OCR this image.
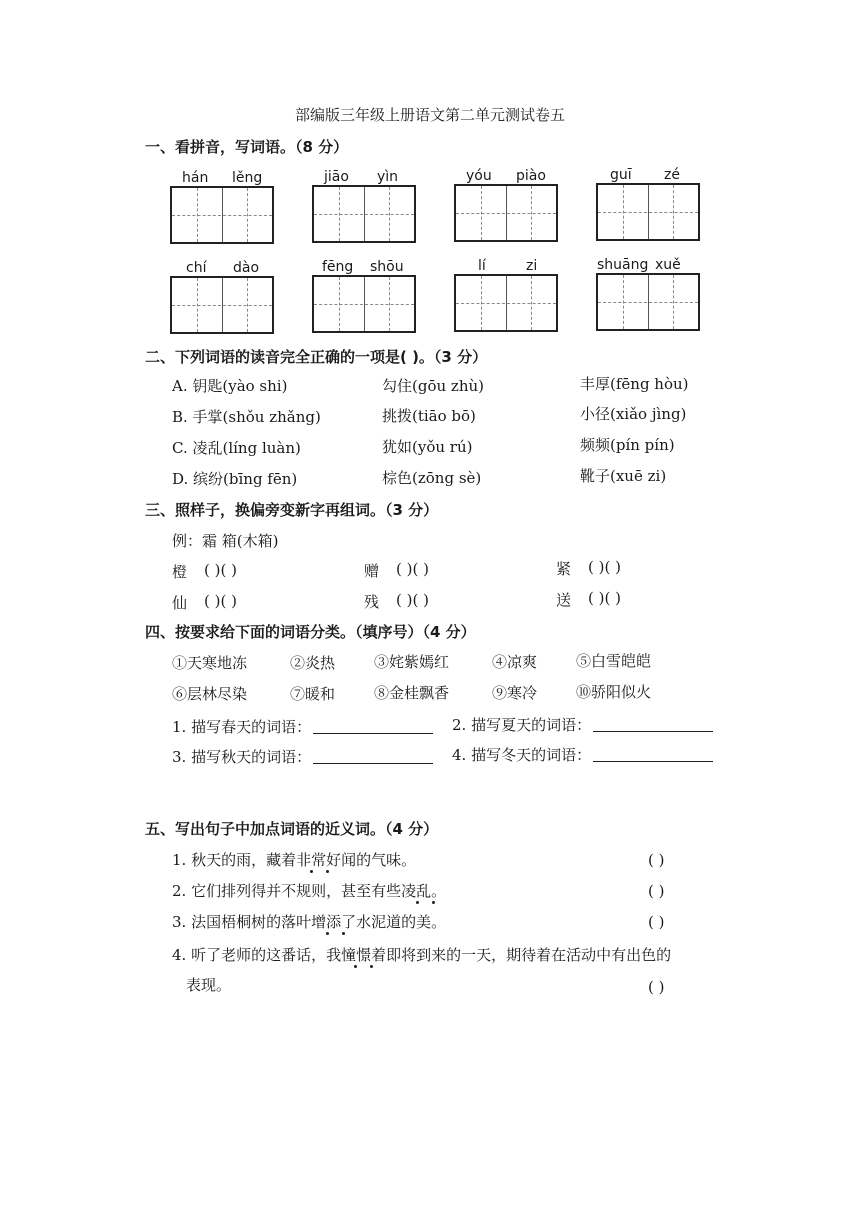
部编版三年级上册语文第二单元测试卷五
一、看拼音，写词语。（8 分）
hán lěng	jiāo yìn	yóu piào	guī zé
chí dào	fēng shōu	lí	zi	shuāng xuě
二、下列词语的读音完全正确的一项是( )。（3 分）
A. 钥匙(yào shi)	勾住(gōu zhù)	丰厚(fēng hòu)
B. 手掌(shǒu zhǎng)	挑拨(tiāo bō)	小径(xiǎo jìng)
C. 凌乱(líng luàn)	犹如(yǒu rú)	频频(pín pín)
D. 缤纷(bīng fēn)	棕色(zōng sè)	靴子(xuē zi)
三、照样子，换偏旁变新字再组词。（3 分）
例：霜 箱(木箱)
橙 ( )( )	赠 ( )( )	紧 ( )( )
仙 ( )( )	残 ( )( )	送 ( )( )
四、按要求给下面的词语分类。（填序号）（4 分）
①天寒地冻	②炎热	③姹紫嫣红	④凉爽	⑤白雪皑皑
⑥层林尽染	⑦暖和	⑧金桂飘香	⑨寒冷	⑩骄阳似火
1. 描写春天的词语：	2. 描写夏天的词语：
3. 描写秋天的词语：	4. 描写冬天的词语：
五、写出句子中加点词语的近义词。（4 分）
1. 秋天的雨，藏着非常好闻的气味。	( )
2. 它们排列得并不规则，甚至有些凌乱。	( )
3. 法国梧桐树的落叶增添了水泥道的美。	( )
4. 听了老师的这番话，我憧憬着即将到来的一天，期待着在活动中有出色的
表现。	( )
